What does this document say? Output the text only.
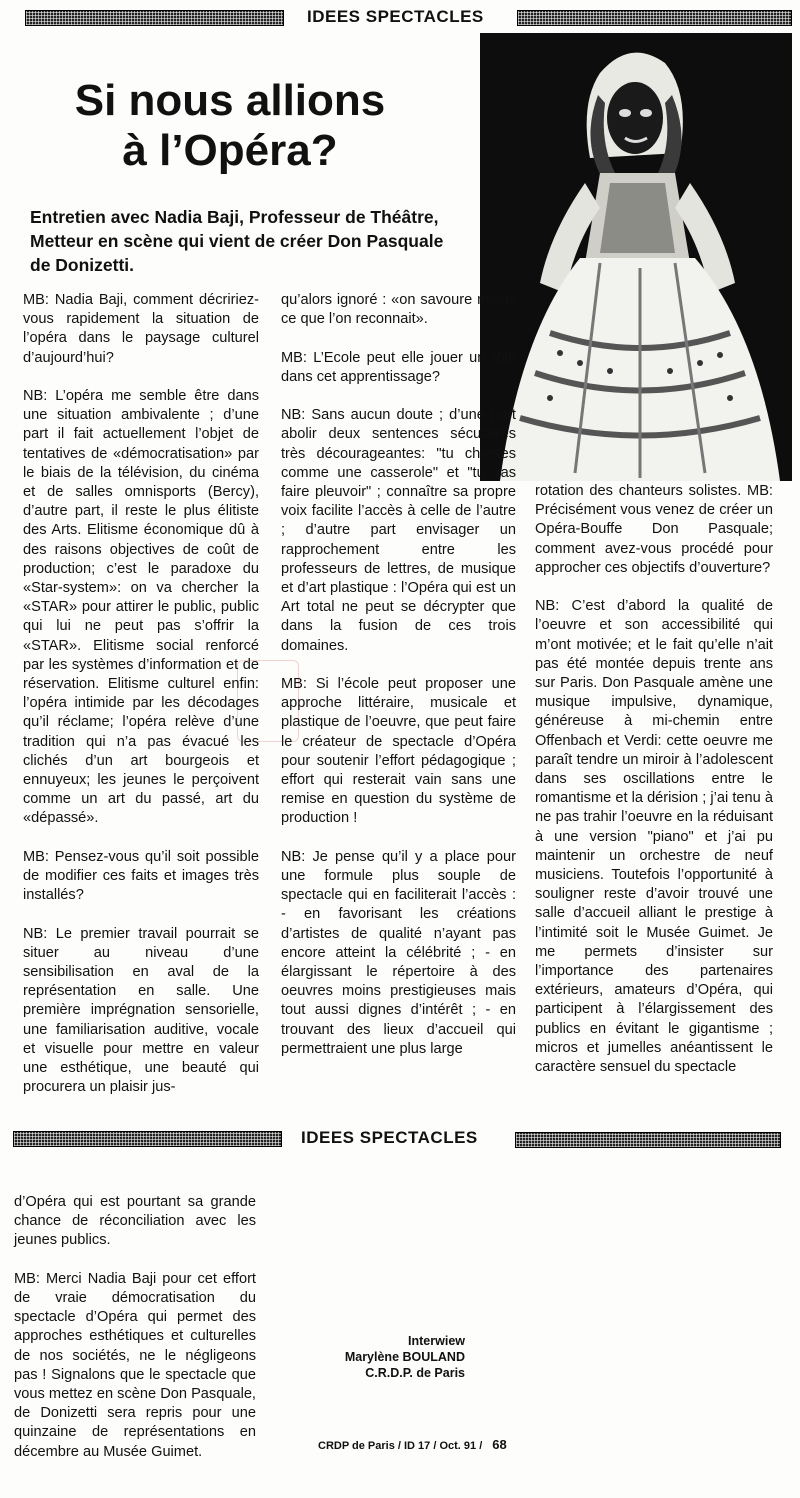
IDEES SPECTACLES
Si nous allions
à l’Opéra?
Entretien avec Nadia Baji, Professeur de Théâtre, Metteur en scène qui vient de créer Don Pasquale de Donizetti.

MB: Nadia Baji, comment décririez-vous rapidement la situation de l’opéra dans le paysage culturel d’aujourd’hui?

NB: L’opéra me semble être dans une situation ambivalente ; d’une part il fait actuellement l’objet de tentatives de «démocratisation» par le biais de la télévision, du cinéma et de salles omnisports (Bercy), d’autre part, il reste le plus élitiste des Arts. Elitisme économique dû à des raisons objectives de coût de production; c’est le paradoxe du «Star-system»: on va chercher la «STAR» pour attirer le public, public qui lui ne peut pas s’offrir la «STAR». Elitisme social renforcé par les systèmes d’information et de réservation. Elitisme culturel enfin: l’opéra intimide par les décodages qu’il réclame; l’opéra relève d’une tradition qui n’a pas évacué les clichés d’un art bourgeois et ennuyeux; les jeunes le perçoivent comme un art du passé, art du «dépassé».

MB: Pensez-vous qu’il soit possible de modifier ces faits et images très installés?

NB: Le premier travail pourrait se situer au niveau d’une sensibilisation en aval de la représentation en salle. Une première imprégnation sensorielle, une familiarisation auditive, vocale et visuelle pour mettre en valeur une esthétique, une beauté qui procurera un plaisir jus-

qu’alors ignoré : «on savoure mieux ce que l’on reconnait».

MB: L’Ecole peut elle jouer un rôle dans cet apprentissage?

NB: Sans aucun doute ; d’une part abolir deux sentences séculaires très décourageantes: "tu chantes comme une casserole" et "tu vas faire pleuvoir" ; connaître sa propre voix facilite l’accès à celle de l’autre ; d’autre part envisager un rapprochement entre les professeurs de lettres, de musique et d’art plastique : l’Opéra qui est un Art total ne peut se décrypter que dans la fusion de ces trois domaines.

MB: Si l’école peut proposer une approche littéraire, musicale et plastique de l’oeuvre, que peut faire le créateur de spectacle d’Opéra pour soutenir l’effort pédagogique ; effort qui resterait vain sans une remise en question du système de production !

NB: Je pense qu’il y a place pour une formule plus souple de spectacle qui en faciliterait l’accès : - en favorisant les créations d’artistes de qualité n’ayant pas encore atteint la célébrité ; - en élargissant le répertoire à des oeuvres moins prestigieuses mais tout aussi dignes d’intérêt ; - en trouvant des lieux d’accueil qui permettraient une plus large

rotation des chanteurs solistes. MB: Précisément vous venez de créer un Opéra-Bouffe Don Pasquale; comment avez-vous procédé pour approcher ces objectifs d’ouverture?

NB: C’est d’abord la qualité de l’oeuvre et son accessibilité qui m’ont motivée; et le fait qu’elle n’ait pas été montée depuis trente ans sur Paris. Don Pasquale amène une musique impulsive, dynamique, généreuse à mi-chemin entre Offenbach et Verdi: cette oeuvre me paraît tendre un miroir à l’adolescent dans ses oscillations entre le romantisme et la dérision ; j’ai tenu à ne pas trahir l’oeuvre en la réduisant à une version "piano" et j’ai pu maintenir un orchestre de neuf musiciens. Toutefois l’opportunité à souligner reste d’avoir trouvé une salle d’accueil alliant le prestige à l’intimité soit le Musée Guimet. Je me permets d’insister sur l’importance des partenaires extérieurs, amateurs d’Opéra, qui participent à l’élargissement des publics en évitant le gigantisme ; micros et jumelles anéantissent le caractère sensuel du spectacle

IDEES SPECTACLES

d’Opéra qui est pourtant sa grande chance de réconciliation avec les jeunes publics.

MB: Merci Nadia Baji pour cet effort de vraie démocratisation du spectacle d’Opéra qui permet des approches esthétiques et culturelles de nos sociétés, ne le négligeons pas ! Signalons que le spectacle que vous mettez en scène Don Pasquale, de Donizetti sera repris pour une quinzaine de représentations en décembre au Musée Guimet.

Interwiew
Marylène BOULAND
C.R.D.P. de Paris
CRDP de Paris / ID 17 / Oct. 91 / 68
